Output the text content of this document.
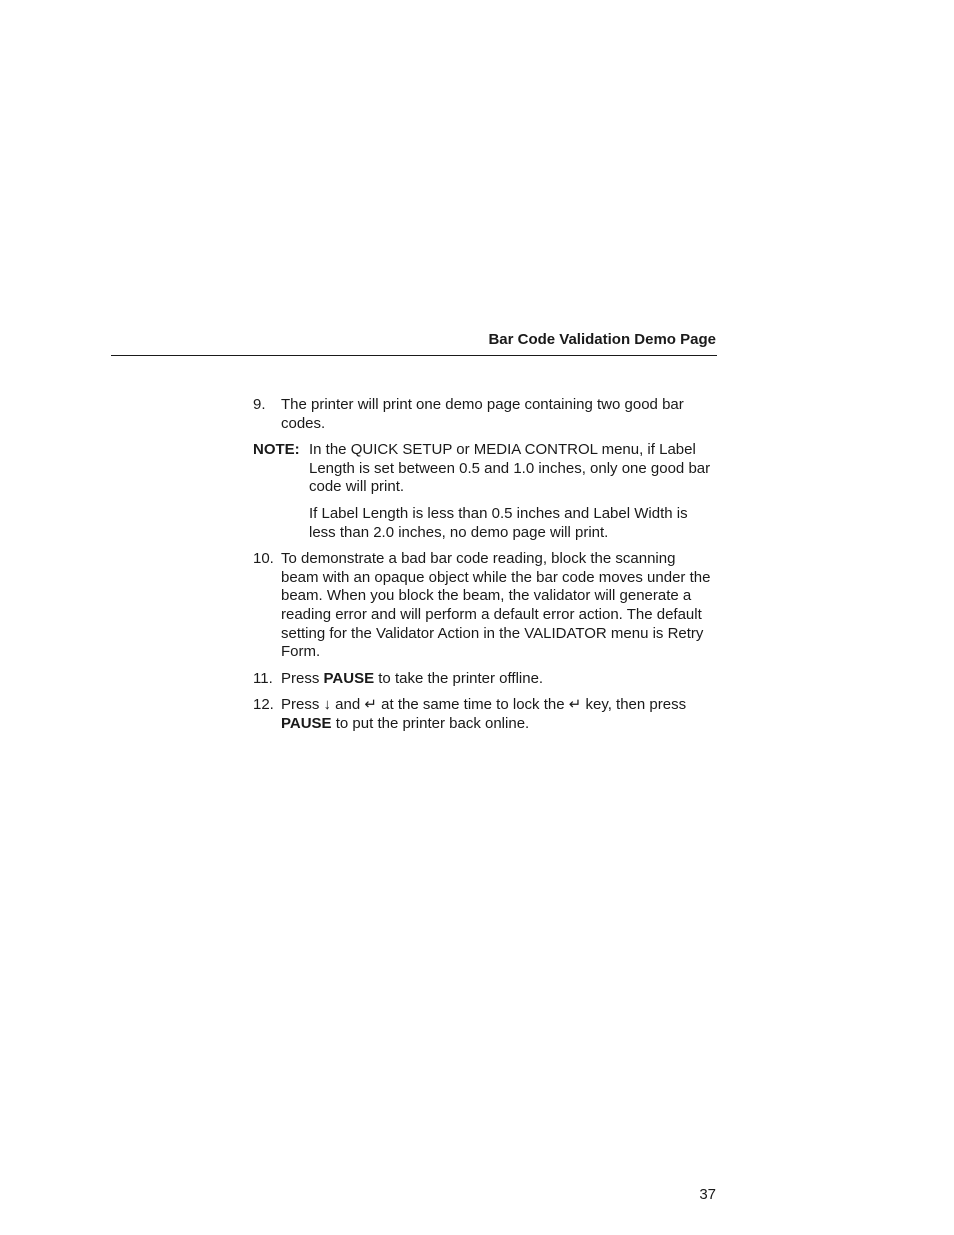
Bar Code Validation Demo Page
9.	The printer will print one demo page containing two good bar codes.
NOTE: In the QUICK SETUP or MEDIA CONTROL menu, if Label Length is set between 0.5 and 1.0 inches, only one good bar code will print.
If Label Length is less than 0.5 inches and Label Width is less than 2.0 inches, no demo page will print.
10. To demonstrate a bad bar code reading, block the scanning beam with an opaque object while the bar code moves under the beam. When you block the beam, the validator will generate a reading error and will perform a default error action. The default setting for the Validator Action in the VALIDATOR menu is Retry Form.
11. Press PAUSE to take the printer offline.
12. Press ↓ and ↵ at the same time to lock the ↵ key, then press PAUSE to put the printer back online.
37
